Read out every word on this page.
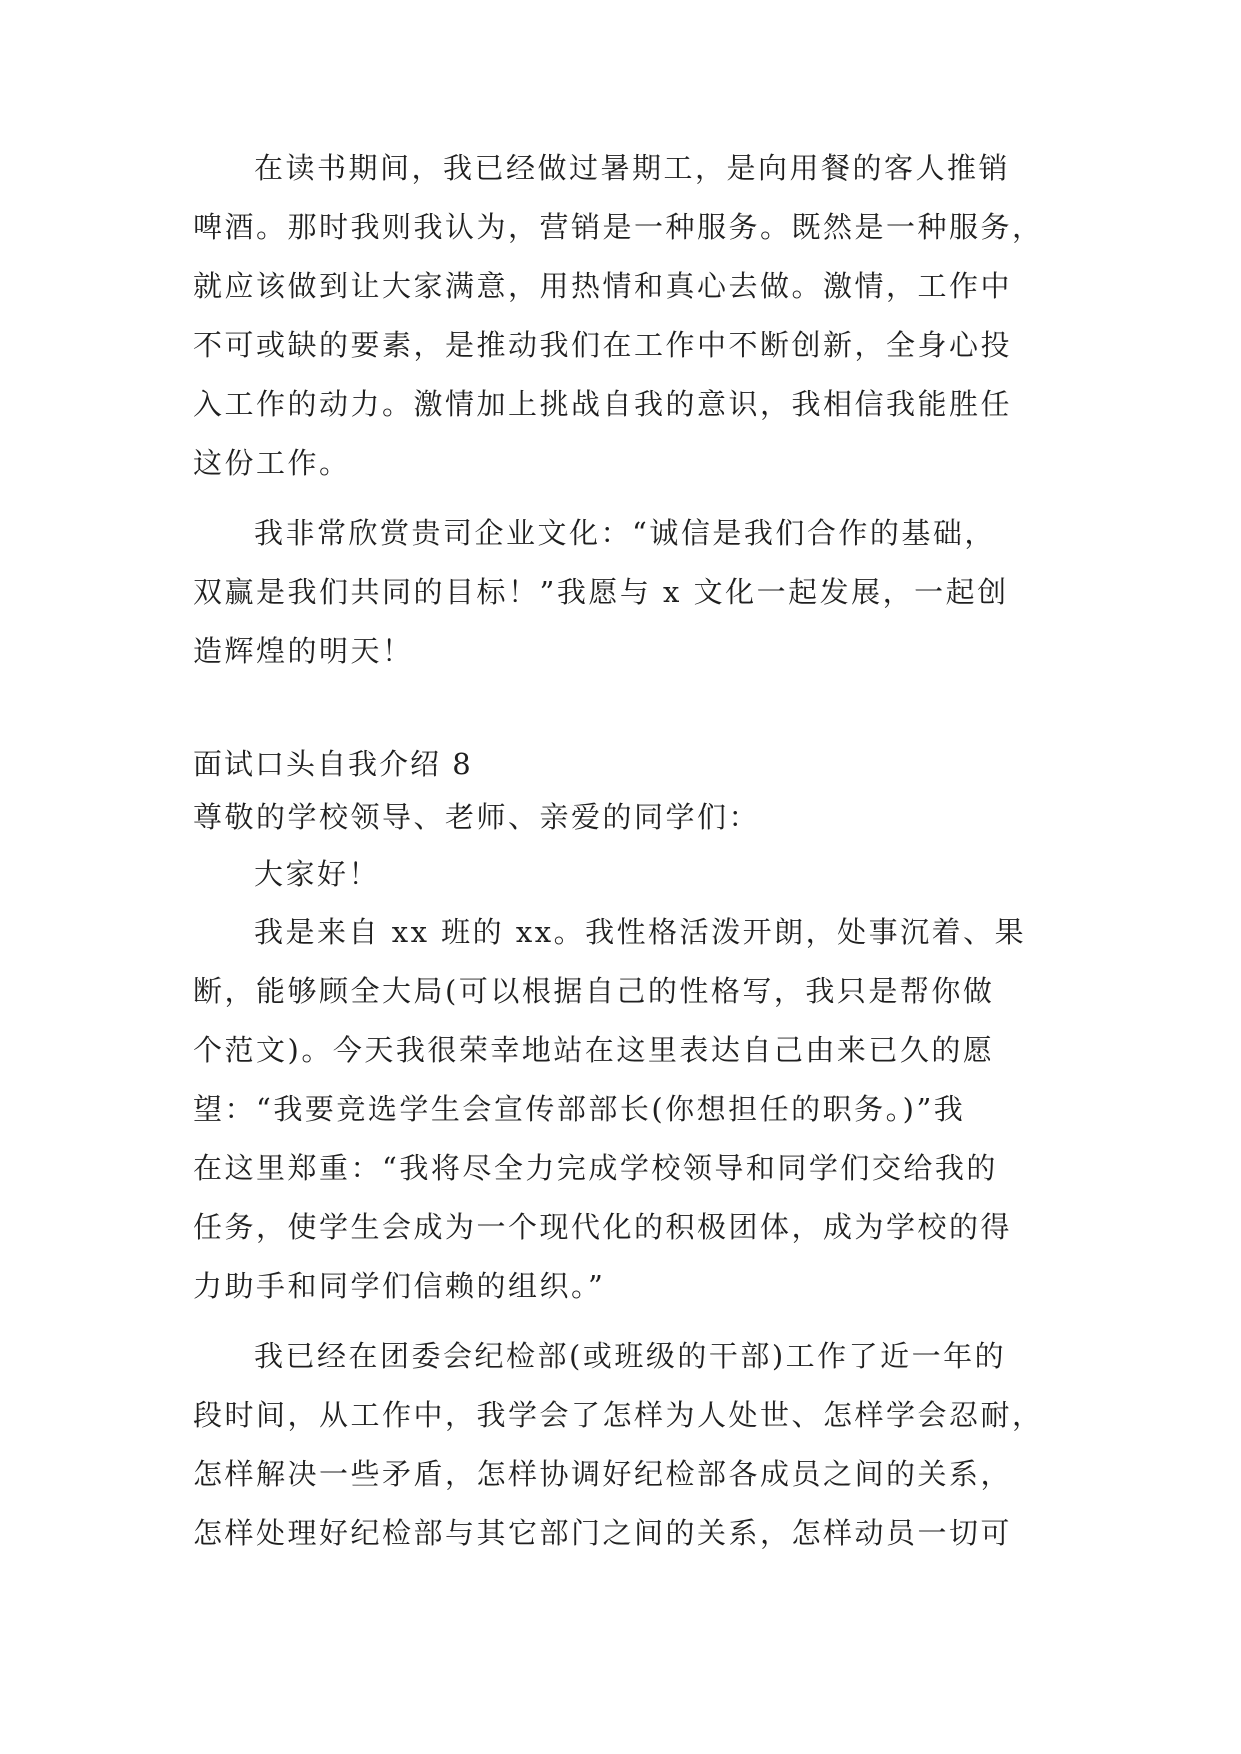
在读书期间，我已经做过暑期工，是向用餐的客人推销
啤酒。那时我则我认为，营销是一种服务。既然是一种服务，
就应该做到让大家满意，用热情和真心去做。激情，工作中
不可或缺的要素，是推动我们在工作中不断创新，全身心投
入工作的动力。激情加上挑战自我的意识，我相信我能胜任
这份工作。
我非常欣赏贵司企业文化：“诚信是我们合作的基础，
双赢是我们共同的目标！”我愿与 x 文化一起发展，一起创
造辉煌的明天！
面试口头自我介绍 8
尊敬的学校领导、老师、亲爱的同学们：
大家好！
我是来自 xx 班的 xx。我性格活泼开朗，处事沉着、果
断，能够顾全大局(可以根据自己的性格写，我只是帮你做
个范文)。今天我很荣幸地站在这里表达自己由来已久的愿
望：“我要竞选学生会宣传部部长(你想担任的职务。)”我
在这里郑重：“我将尽全力完成学校领导和同学们交给我的
任务，使学生会成为一个现代化的积极团体，成为学校的得
力助手和同学们信赖的组织。”
我已经在团委会纪检部(或班级的干部)工作了近一年的
段时间，从工作中，我学会了怎样为人处世、怎样学会忍耐，
怎样解决一些矛盾，怎样协调好纪检部各成员之间的关系，
怎样处理好纪检部与其它部门之间的关系，怎样动员一切可
